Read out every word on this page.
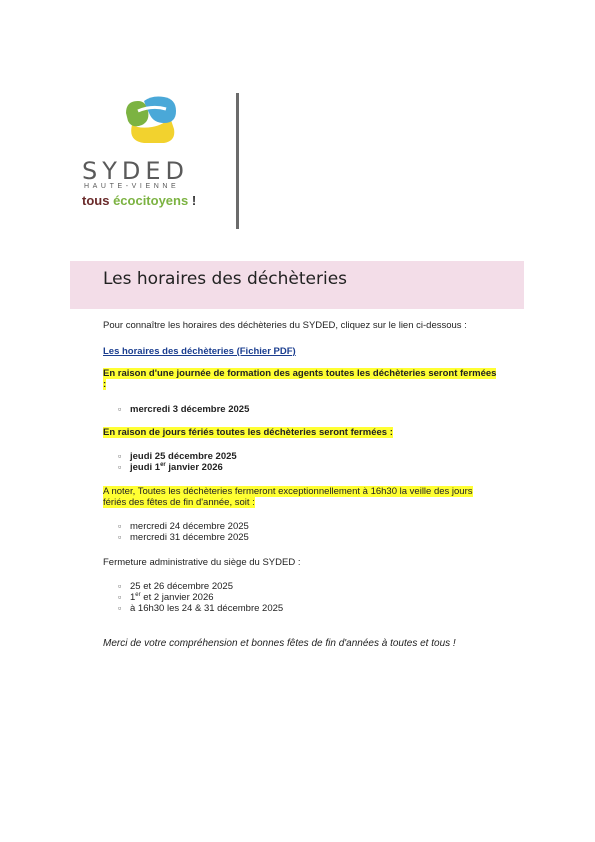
SYDED
HAUTE-VIENNE
tous écocitoyens !
Les horaires des déchèteries

Pour connaître les horaires des déchèteries du SYDED, cliquez sur le lien ci-dessous :

Les horaires des déchèteries (Fichier PDF)

En raison d'une journée de formation des agents toutes les déchèteries seront fermées :

▫ mercredi 3 décembre 2025

En raison de jours fériés toutes les déchèteries seront fermées :

▫ jeudi 25 décembre 2025
▫ jeudi 1er janvier 2026

A noter, Toutes les déchèteries fermeront exceptionnellement à 16h30 la veille des jours fériés des fêtes de fin d'année, soit :

▫ mercredi 24 décembre 2025
▫ mercredi 31 décembre 2025

Fermeture administrative du siège du SYDED :

▫ 25 et 26 décembre 2025
▫ 1er et 2 janvier 2026
▫ à 16h30 les 24 & 31 décembre 2025

Merci de votre compréhension et bonnes fêtes de fin d'années à toutes et tous !
